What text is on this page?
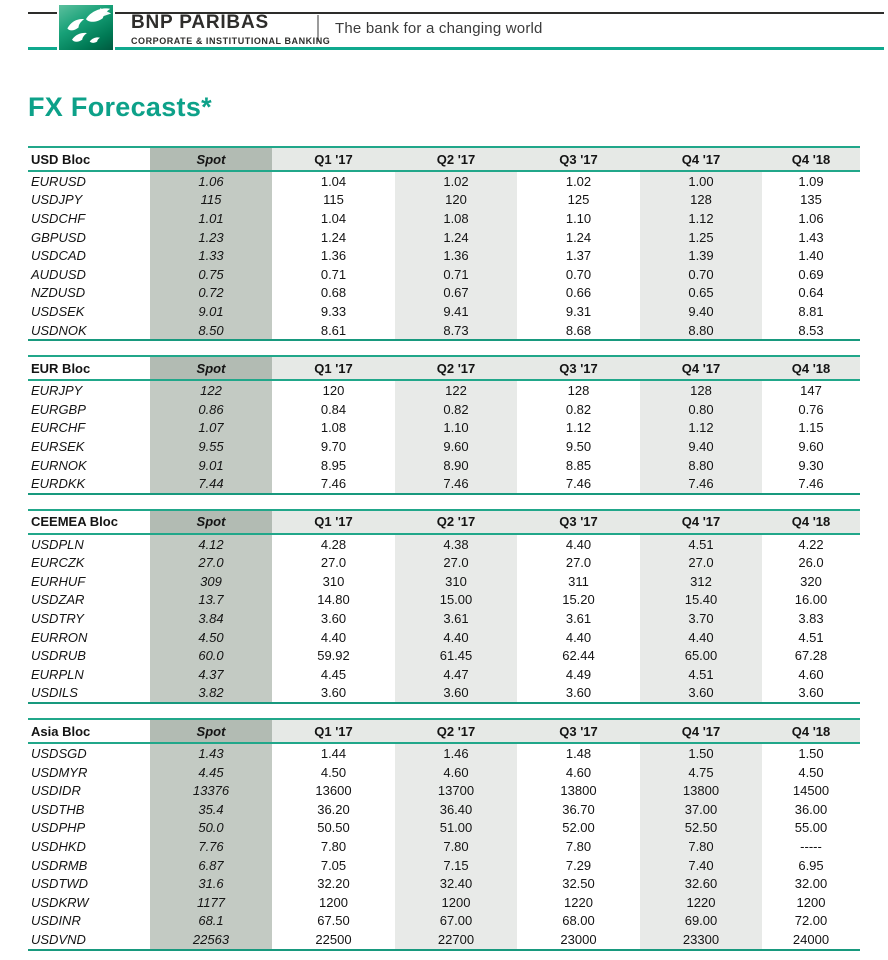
BNP PARIBAS
CORPORATE & INSTITUTIONAL BANKING
The bank for a changing world
FX Forecasts*
USD Bloc	Spot	Q1 '17	Q2 '17	Q3 '17	Q4 '17	Q4 '18
EURUSD	1.06	1.04	1.02	1.02	1.00	1.09
USDJPY	115	115	120	125	128	135
USDCHF	1.01	1.04	1.08	1.10	1.12	1.06
GBPUSD	1.23	1.24	1.24	1.24	1.25	1.43
USDCAD	1.33	1.36	1.36	1.37	1.39	1.40
AUDUSD	0.75	0.71	0.71	0.70	0.70	0.69
NZDUSD	0.72	0.68	0.67	0.66	0.65	0.64
USDSEK	9.01	9.33	9.41	9.31	9.40	8.81
USDNOK	8.50	8.61	8.73	8.68	8.80	8.53
EUR Bloc	Spot	Q1 '17	Q2 '17	Q3 '17	Q4 '17	Q4 '18
EURJPY	122	120	122	128	128	147
EURGBP	0.86	0.84	0.82	0.82	0.80	0.76
EURCHF	1.07	1.08	1.10	1.12	1.12	1.15
EURSEK	9.55	9.70	9.60	9.50	9.40	9.60
EURNOK	9.01	8.95	8.90	8.85	8.80	9.30
EURDKK	7.44	7.46	7.46	7.46	7.46	7.46
CEEMEA Bloc	Spot	Q1 '17	Q2 '17	Q3 '17	Q4 '17	Q4 '18
USDPLN	4.12	4.28	4.38	4.40	4.51	4.22
EURCZK	27.0	27.0	27.0	27.0	27.0	26.0
EURHUF	309	310	310	311	312	320
USDZAR	13.7	14.80	15.00	15.20	15.40	16.00
USDTRY	3.84	3.60	3.61	3.61	3.70	3.83
EURRON	4.50	4.40	4.40	4.40	4.40	4.51
USDRUB	60.0	59.92	61.45	62.44	65.00	67.28
EURPLN	4.37	4.45	4.47	4.49	4.51	4.60
USDILS	3.82	3.60	3.60	3.60	3.60	3.60
Asia Bloc	Spot	Q1 '17	Q2 '17	Q3 '17	Q4 '17	Q4 '18
USDSGD	1.43	1.44	1.46	1.48	1.50	1.50
USDMYR	4.45	4.50	4.60	4.60	4.75	4.50
USDIDR	13376	13600	13700	13800	13800	14500
USDTHB	35.4	36.20	36.40	36.70	37.00	36.00
USDPHP	50.0	50.50	51.00	52.00	52.50	55.00
USDHKD	7.76	7.80	7.80	7.80	7.80	-----
USDRMB	6.87	7.05	7.15	7.29	7.40	6.95
USDTWD	31.6	32.20	32.40	32.50	32.60	32.00
USDKRW	1177	1200	1200	1220	1220	1200
USDINR	68.1	67.50	67.00	68.00	69.00	72.00
USDVND	22563	22500	22700	23000	23300	24000
